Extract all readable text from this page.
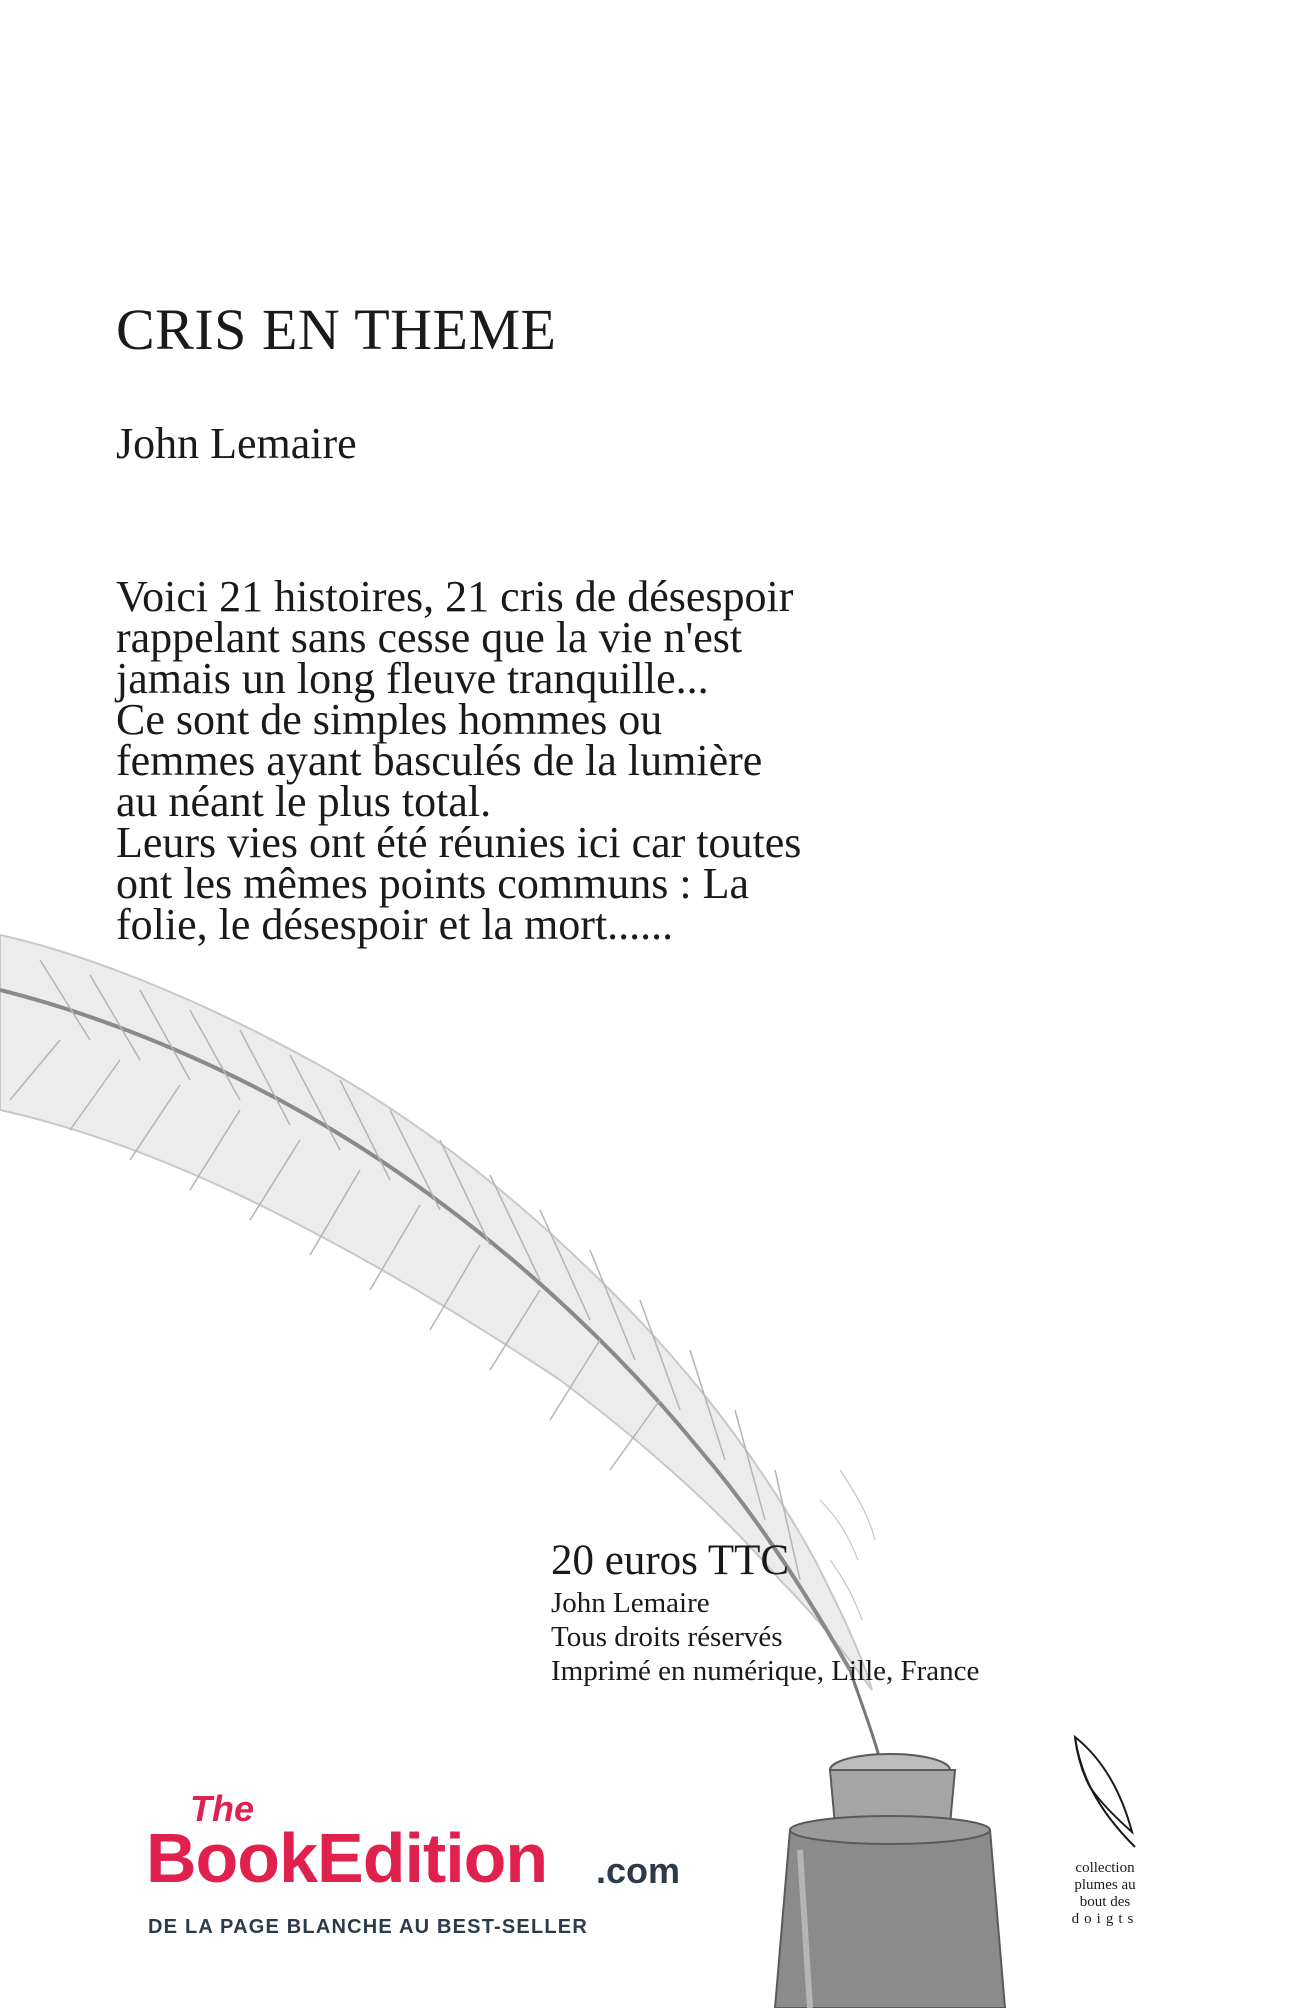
CRIS EN THEME

John Lemaire

Voici 21 histoires, 21 cris de désespoir
rappelant sans cesse que la vie n'est
jamais un long fleuve tranquille...
Ce sont de simples hommes ou
femmes ayant basculés de la lumière
au néant le plus total.
Leurs vies ont été réunies ici car toutes
ont les mêmes points communs : La
folie, le désespoir et la mort......
20 euros TTC
John Lemaire
Tous droits réservés
Imprimé en numérique, Lille, France
The
BookEdition .com
DE LA PAGE BLANCHE AU BEST-SELLER
collection
plumes au
bout des
doigts
